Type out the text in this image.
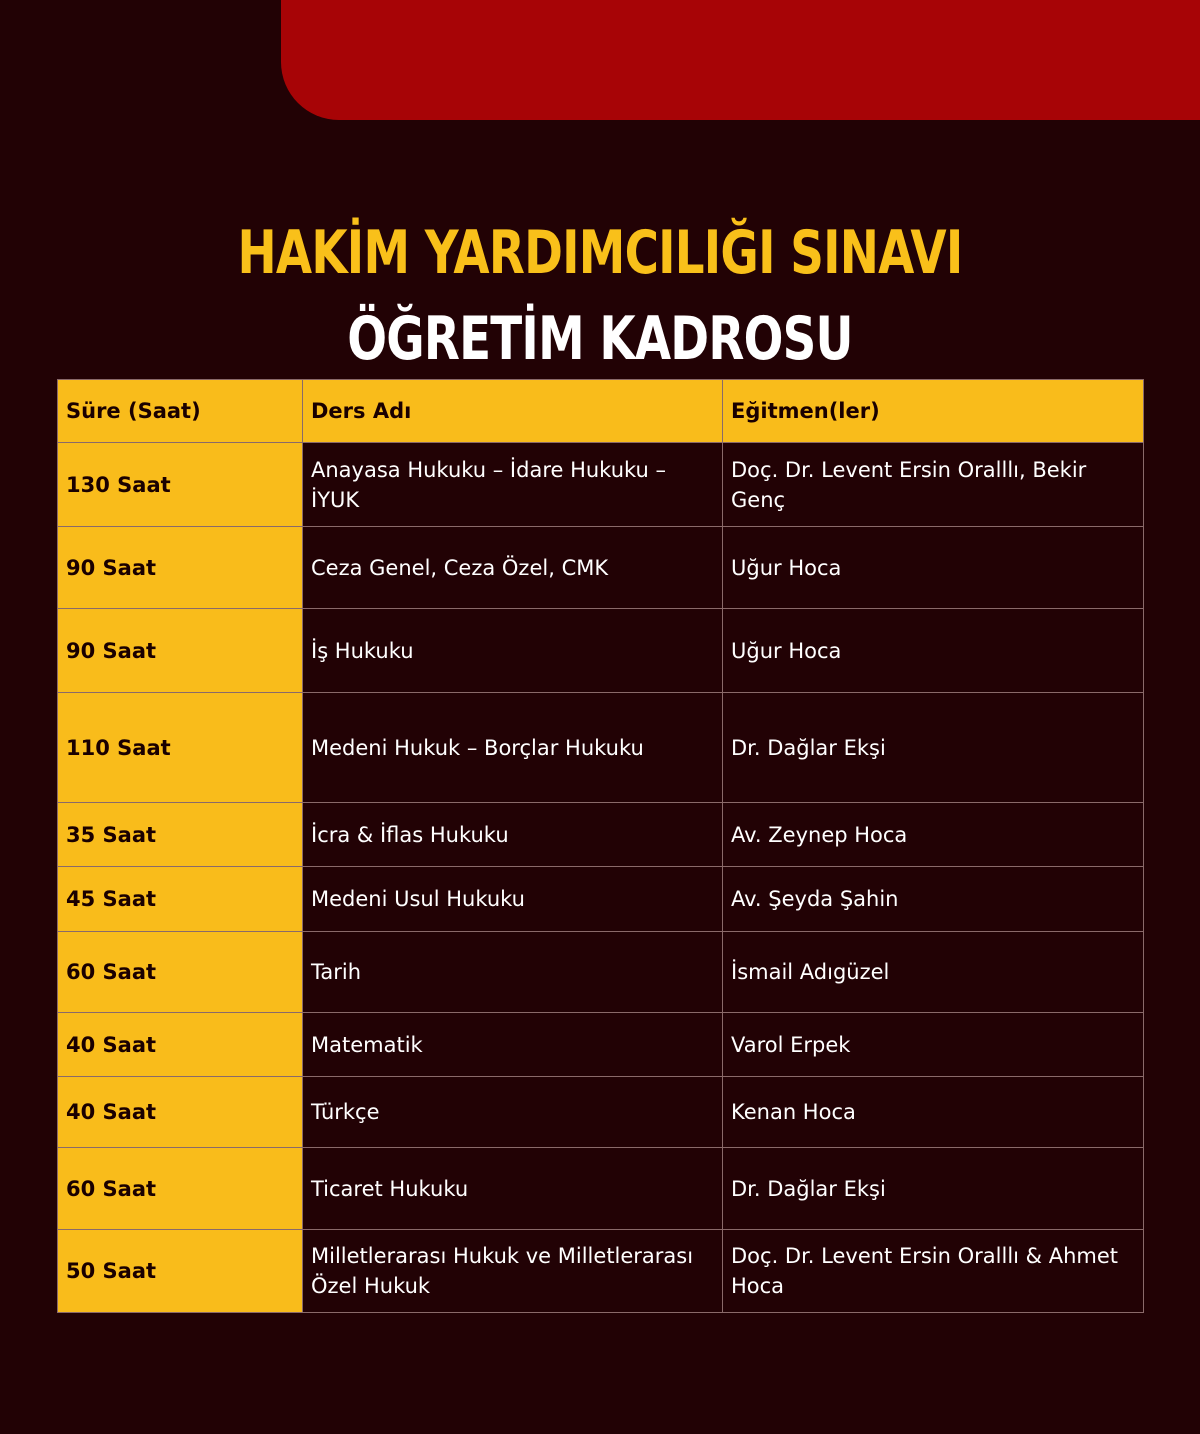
HAKİM YARDIMCILIĞI SINAVI
ÖĞRETİM KADROSU
Süre (Saat)	Ders Adı	Eğitmen(ler)
130 Saat	Anayasa Hukuku – İdare Hukuku – İYUK	Doç. Dr. Levent Ersin Oralllı, Bekir Genç
90 Saat	Ceza Genel, Ceza Özel, CMK	Uğur Hoca
90 Saat	İş Hukuku	Uğur Hoca
110 Saat	Medeni Hukuk – Borçlar Hukuku	Dr. Dağlar Ekşi
35 Saat	İcra & İflas Hukuku	Av. Zeynep Hoca
45 Saat	Medeni Usul Hukuku	Av. Şeyda Şahin
60 Saat	Tarih	İsmail Adıgüzel
40 Saat	Matematik	Varol Erpek
40 Saat	Türkçe	Kenan Hoca
60 Saat	Ticaret Hukuku	Dr. Dağlar Ekşi
50 Saat	Milletlerarası Hukuk ve Milletlerarası Özel Hukuk	Doç. Dr. Levent Ersin Oralllı & Ahmet Hoca
